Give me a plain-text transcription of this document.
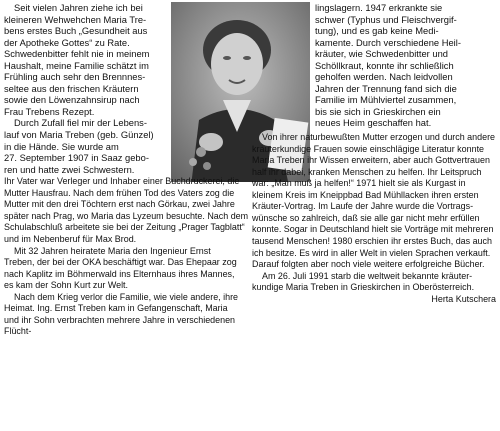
Seit vielen Jahren ziehe ich bei
kleineren Wehwehchen Maria Tre-
bens erstes Buch „Gesundheit aus
der Apotheke Gottes“ zu Rate.
Schwedenbitter fehlt nie in meinem
Haushalt, meine Familie schätzt im
Frühling auch sehr den Brennnes-
seltee aus den frischen Kräutern
sowie den Löwenzahnsirup nach
Frau Trebens Rezept.
Durch Zufall fiel mir der Lebens-
lauf von Maria Treben (geb. Günzel)
in die Hände. Sie wurde am
27. September 1907 in Saaz gebo-
ren und hatte zwei Schwestern.
lingslagern. 1947 erkrankte sie
schwer (Typhus und Fleischvergif-
tung), und es gab keine Medi-
kamente. Durch verschiedene Heil-
kräuter, wie Schwedenbitter und
Schöllkraut, konnte ihr schließlich
geholfen werden. Nach leidvollen
Jahren der Trennung fand sich die
Familie im Mühlviertel zusammen,
bis sie sich in Grieskirchen ein
neues Heim geschaffen hat.
Ihr Vater war Verleger und Inhaber einer Buchdruckerei, die
Mutter Hausfrau. Nach dem frühen Tod des Vaters zog die
Mutter mit den drei Töchtern erst nach Görkau, zwei Jahre
später nach Prag, wo Maria das Lyzeum besuchte. Nach dem
Schulabschluß arbeitete sie bei der Zeitung „Prager Tagblatt“
und im Nebenberuf für Max Brod.
Mit 32 Jahren heiratete Maria den Ingenieur Ernst
Treben, der bei der OKA beschäftigt war. Das Ehepaar zog
nach Kaplitz im Böhmerwald ins Elternhaus ihres Mannes,
es kam der Sohn Kurt zur Welt.
Nach dem Krieg verlor die Familie, wie viele andere, ihre
Heimat. Ing. Ernst Treben kam in Gefangenschaft, Maria
und ihr Sohn verbrachten mehrere Jahre in verschiedenen
Flücht-
Von ihrer naturbewußten Mutter erzogen und durch andere
kräuterkundige Frauen sowie einschlägige Literatur konnte
Maria Treben ihr Wissen erweitern, aber auch Gottvertrauen
half ihr dabei, kranken Menschen zu helfen. Ihr Leitspruch
war: „Man muß ja helfen!“ 1971 hielt sie als Kurgast in
kleinem Kreis im Kneippbad Bad Mühllacken ihren ersten
Kräuter-Vortrag. Im Laufe der Jahre wurde die Vortrags-
wünsche so zahlreich, daß sie alle gar nicht mehr erfüllen
konnte. Sogar in Deutschland hielt sie Vorträge mit mehreren
tausend Menschen! 1980 erschien ihr erstes Buch, das auch
ich besitze. Es wird in aller Welt in vielen Sprachen verkauft.
Darauf folgten aber noch viele weitere erfolgreiche Bücher.
Am 26. Juli 1991 starb die weltweit bekannte kräuter-
kundige Maria Treben in Grieskirchen in Oberösterreich.
Herta Kutschera
